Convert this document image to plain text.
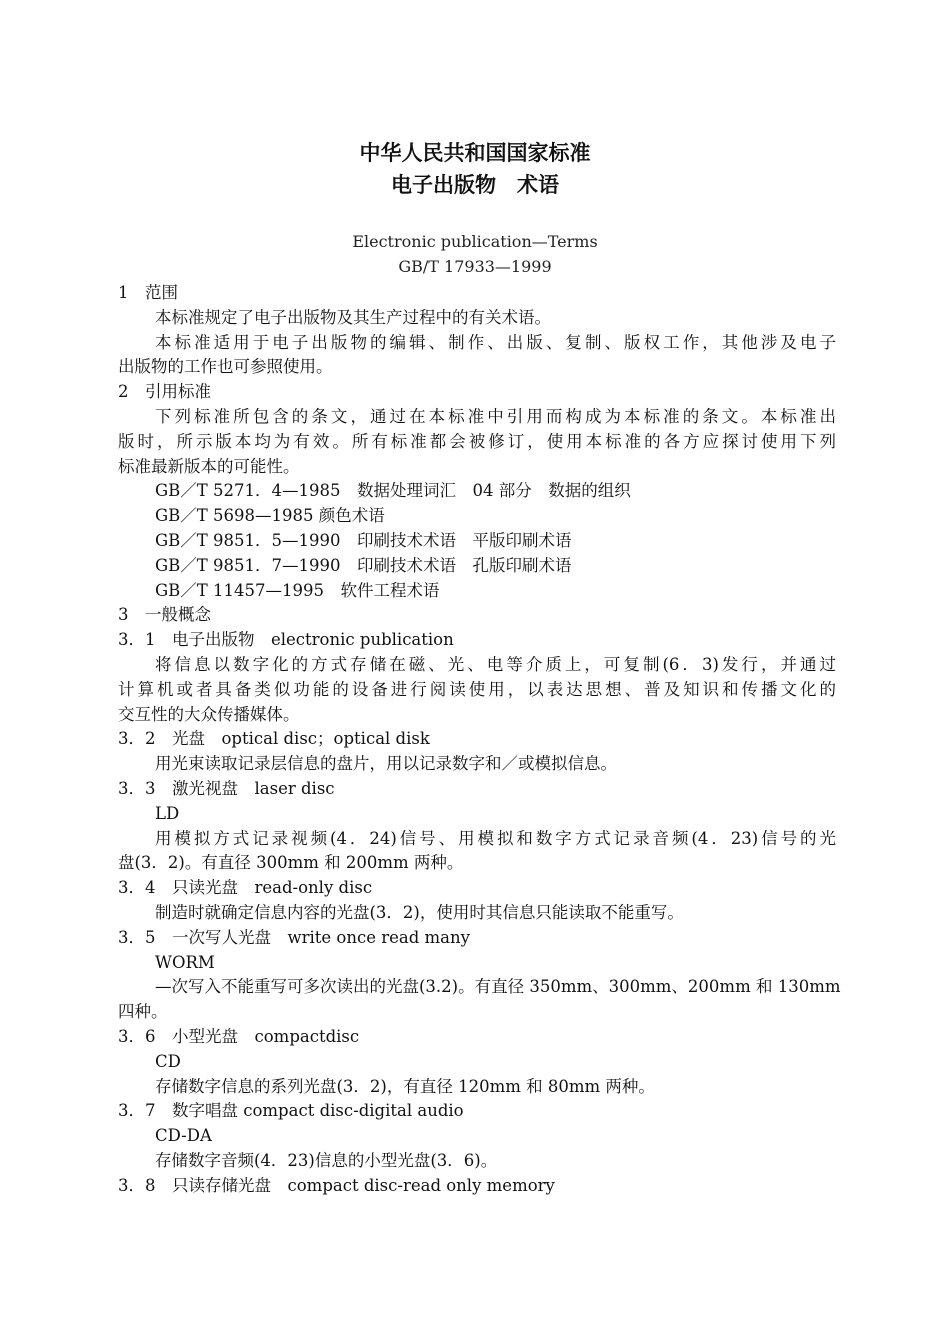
中华人民共和国国家标准
电子出版物　术语
Electronic publication—Terms
GB/T 17933—1999
1　范围
本标准规定了电子出版物及其生产过程中的有关术语。
本标准适用于电子出版物的编辑、制作、出版、复制、版权工作，其他涉及电子
出版物的工作也可参照使用。
2　引用标准
下列标准所包含的条文，通过在本标准中引用而构成为本标准的条文。本标准出
版时，所示版本均为有效。所有标准都会被修订，使用本标准的各方应探讨使用下列
标准最新版本的可能性。
GB／T 5271．4—1985　数据处理词汇　04 部分　数据的组织
GB／T 5698—1985 颜色术语
GB／T 9851．5—1990　印刷技术术语　平版印刷术语
GB／T 9851．7—1990　印刷技术术语　孔版印刷术语
GB／T 11457—1995　软件工程术语
3　一般概念
3．1　电子出版物　electronic publication
将信息以数字化的方式存储在磁、光、电等介质上，可复制(6．3)发行，并通过
计算机或者具备类似功能的设备进行阅读使用，以表达思想、普及知识和传播文化的
交互性的大众传播媒体。
3．2　光盘　optical disc；optical disk
用光束读取记录层信息的盘片，用以记录数字和／或模拟信息。
3．3　激光视盘　laser disc
LD
用模拟方式记录视频(4．24)信号、用模拟和数字方式记录音频(4．23)信号的光
盘(3．2)。有直径 300mm 和 200mm 两种。
3．4　只读光盘　read-only disc
制造时就确定信息内容的光盘(3．2)，使用时其信息只能读取不能重写。
3．5　一次写人光盘　write once read many
WORM
—次写入不能重写可多次读出的光盘(3.2)。有直径 350mm、300mm、200mm 和 130mm
四种。
3．6　小型光盘　compactdisc
CD
存储数字信息的系列光盘(3．2)，有直径 120mm 和 80mm 两种。
3．7　数字唱盘 compact disc-digital audio
CD-DA
存储数字音频(4．23)信息的小型光盘(3．6)。
3．8　只读存储光盘　compact disc-read only memory
